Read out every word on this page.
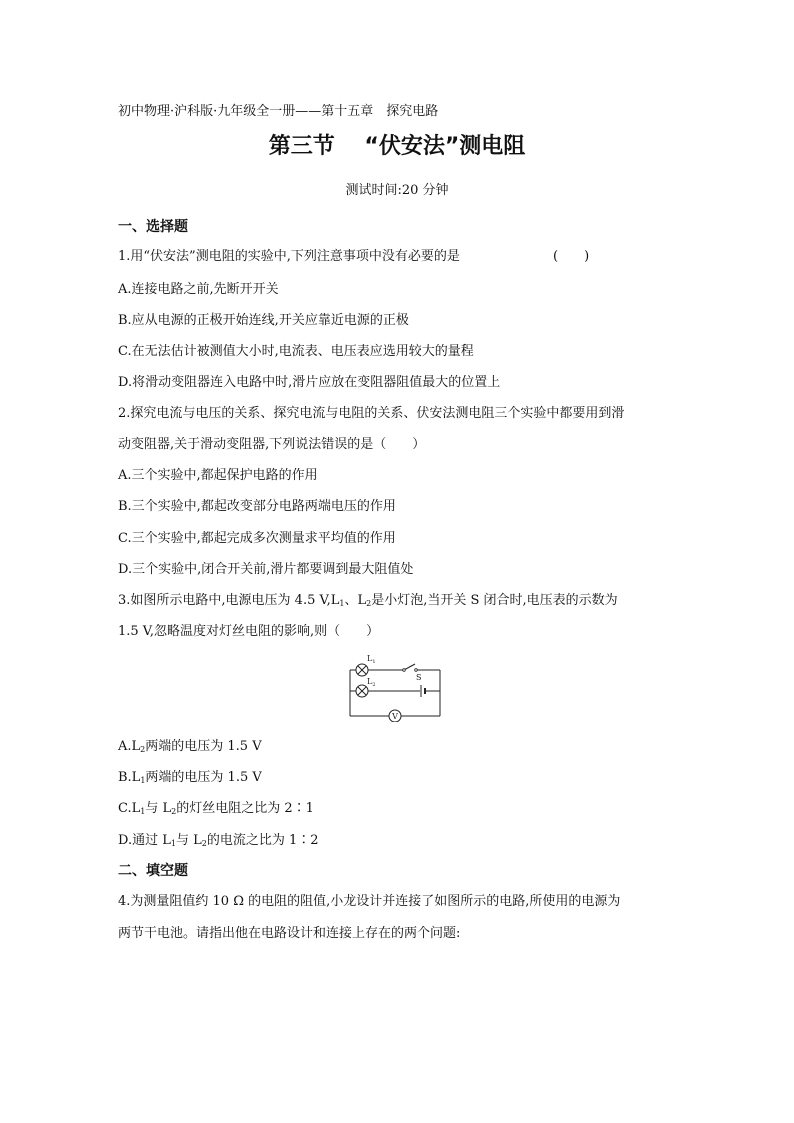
初中物理·沪科版·九年级全一册——第十五章　探究电路
第三节　 “伏安法”测电阻
测试时间:20 分钟
一、选择题
1.用“伏安法”测电阻的实验中,下列注意事项中没有必要的是	(　　)
A.连接电路之前,先断开开关
B.应从电源的正极开始连线,开关应靠近电源的正极
C.在无法估计被测值大小时,电流表、电压表应选用较大的量程
D.将滑动变阻器连入电路中时,滑片应放在变阻器阻值最大的位置上
2.探究电流与电压的关系、探究电流与电阻的关系、伏安法测电阻三个实验中都要用到滑
动变阻器,关于滑动变阻器,下列说法错误的是（　　）
A.三个实验中,都起保护电路的作用
B.三个实验中,都起改变部分电路两端电压的作用
C.三个实验中,都起完成多次测量求平均值的作用
D.三个实验中,闭合开关前,滑片都要调到最大阻值处
3.如图所示电路中,电源电压为 4.5 $V,L_1$、$L_2$是小灯泡,当开关 S 闭合时,电压表的示数为
1.5 V,忽略温度对灯丝电阻的影响,则（　　）
V
$L_1$
$L_2$
S
$A.L_2$两端的电压为 1.5 V
$B.L_1$两端的电压为 1.5 V
$C.L_1$与 $L_2$的灯丝电阻之比为 2∶1
D.通过 $L_1$与 $L_2$的电流之比为 1∶2
二、填空题
4.为测量阻值约 10 Ω 的电阻的阻值,小龙设计并连接了如图所示的电路,所使用的电源为
两节干电池。请指出他在电路设计和连接上存在的两个问题:
